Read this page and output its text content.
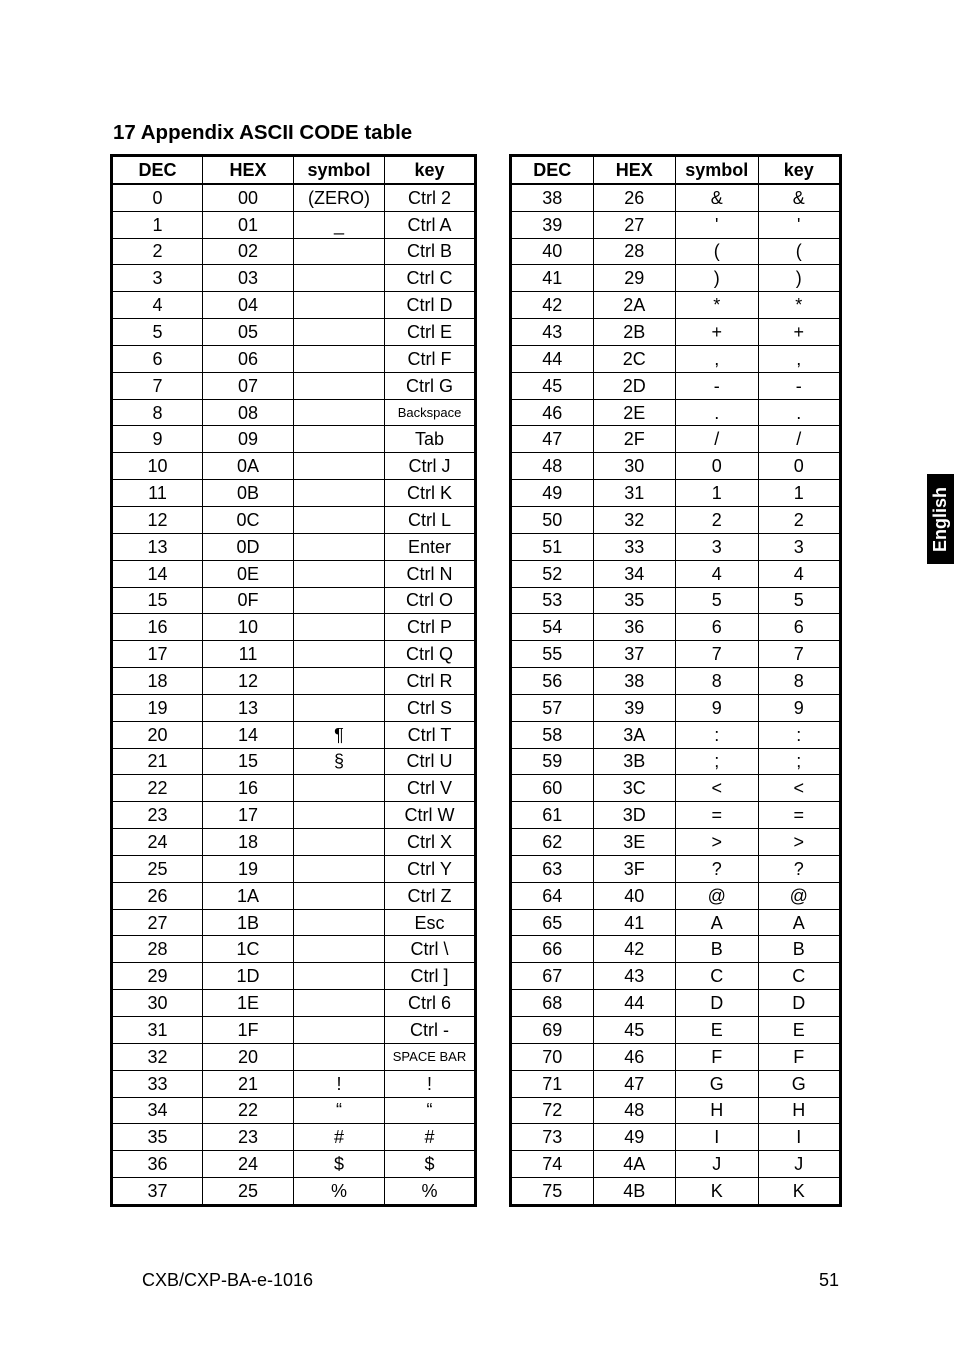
17 Appendix ASCII CODE table
DEC	HEX	symbol	key
0	00	(ZERO)	Ctrl 2
1	01	_	Ctrl A
2	02		Ctrl B
3	03		Ctrl C
4	04		Ctrl D
5	05		Ctrl E
6	06		Ctrl F
7	07		Ctrl G
8	08		Backspace
9	09		Tab
10	0A		Ctrl J
11	0B		Ctrl K
12	0C		Ctrl L
13	0D		Enter
14	0E		Ctrl N
15	0F		Ctrl O
16	10		Ctrl P
17	11		Ctrl Q
18	12		Ctrl R
19	13		Ctrl S
20	14	¶	Ctrl T
21	15	§	Ctrl U
22	16		Ctrl V
23	17		Ctrl W
24	18		Ctrl X
25	19		Ctrl Y
26	1A		Ctrl Z
27	1B		Esc
28	1C		Ctrl \
29	1D		Ctrl ]
30	1E		Ctrl 6
31	1F		Ctrl -
32	20		SPACE BAR
33	21	!	!
34	22	“	“
35	23	#	#
36	24	$	$
37	25	%	%
DEC	HEX	symbol	key
38	26	&	&
39	27	'	'
40	28	(	(
41	29	)	)
42	2A	*	*
43	2B	+	+
44	2C	,	,
45	2D	-	-
46	2E	.	.
47	2F	/	/
48	30	0	0
49	31	1	1
50	32	2	2
51	33	3	3
52	34	4	4
53	35	5	5
54	36	6	6
55	37	7	7
56	38	8	8
57	39	9	9
58	3A	:	:
59	3B	;	;
60	3C	<	<
61	3D	=	=
62	3E	>	>
63	3F	?	?
64	40	@	@
65	41	A	A
66	42	B	B
67	43	C	C
68	44	D	D
69	45	E	E
70	46	F	F
71	47	G	G
72	48	H	H
73	49	I	I
74	4A	J	J
75	4B	K	K
English
CXB/CXP-BA-e-1016	51
